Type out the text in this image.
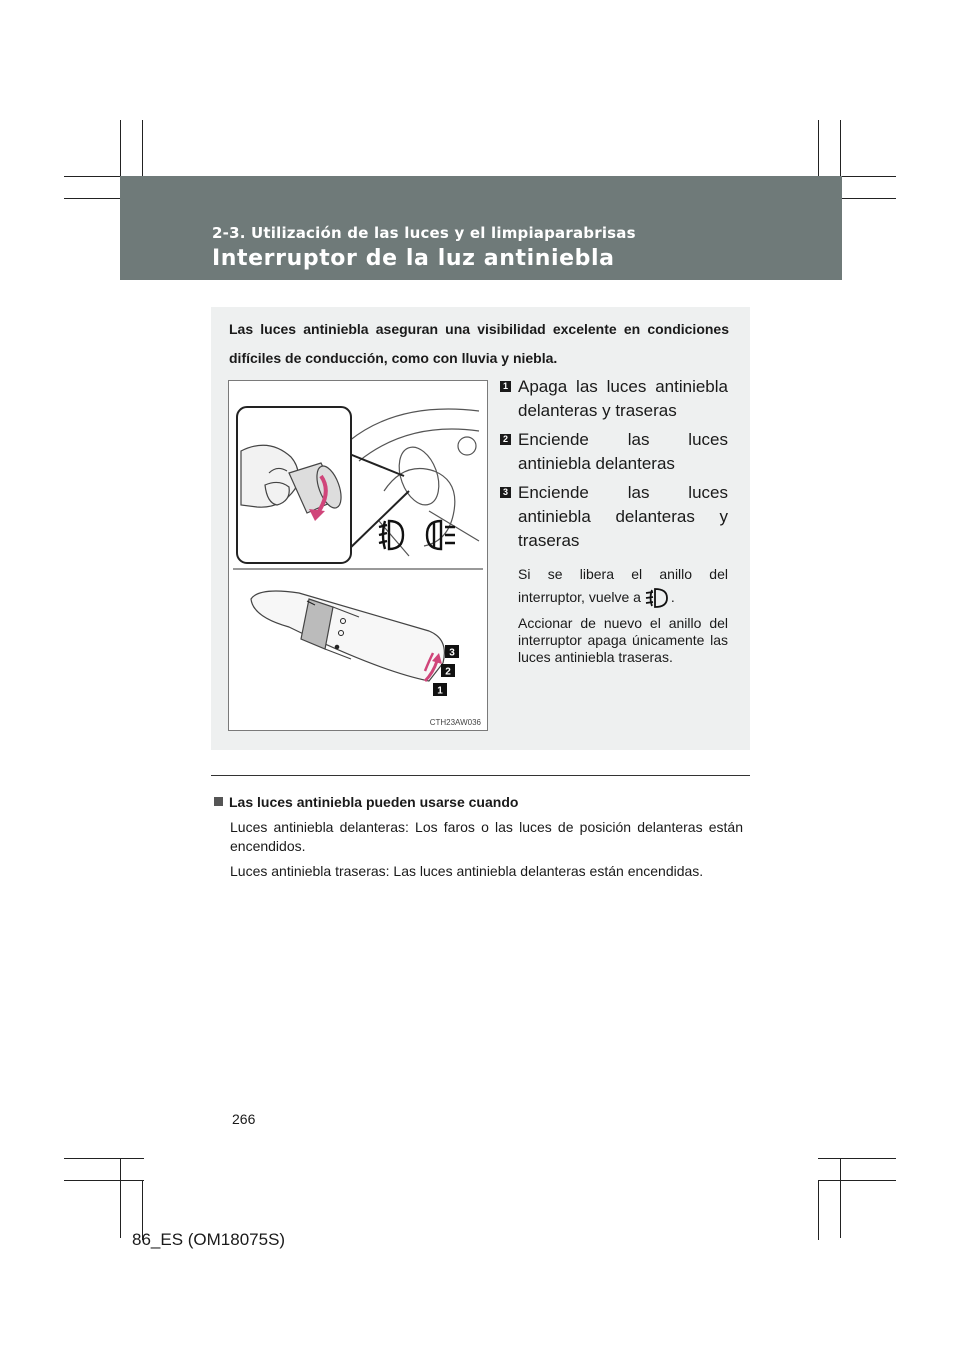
2-3. Utilización de las luces y el limpiaparabrisas
Interruptor de la luz antiniebla

Las luces antiniebla aseguran una visibilidad excelente en condiciones difíciles de conducción, como con lluvia y niebla.

3
2
1
CTH23AW036
1 Apaga las luces antiniebla delanteras y traseras
2 Enciende las luces antiniebla delanteras
3 Enciende las luces antiniebla delanteras y traseras
Si se libera el anillo del interruptor, vuelve a .
Accionar de nuevo el anillo del interruptor apaga únicamente las luces antiniebla traseras.
Las luces antiniebla pueden usarse cuando
Luces antiniebla delanteras: Los faros o las luces de posición delanteras están encendidos.
Luces antiniebla traseras: Las luces antiniebla delanteras están encendidas.
266
86_ES (OM18075S)
